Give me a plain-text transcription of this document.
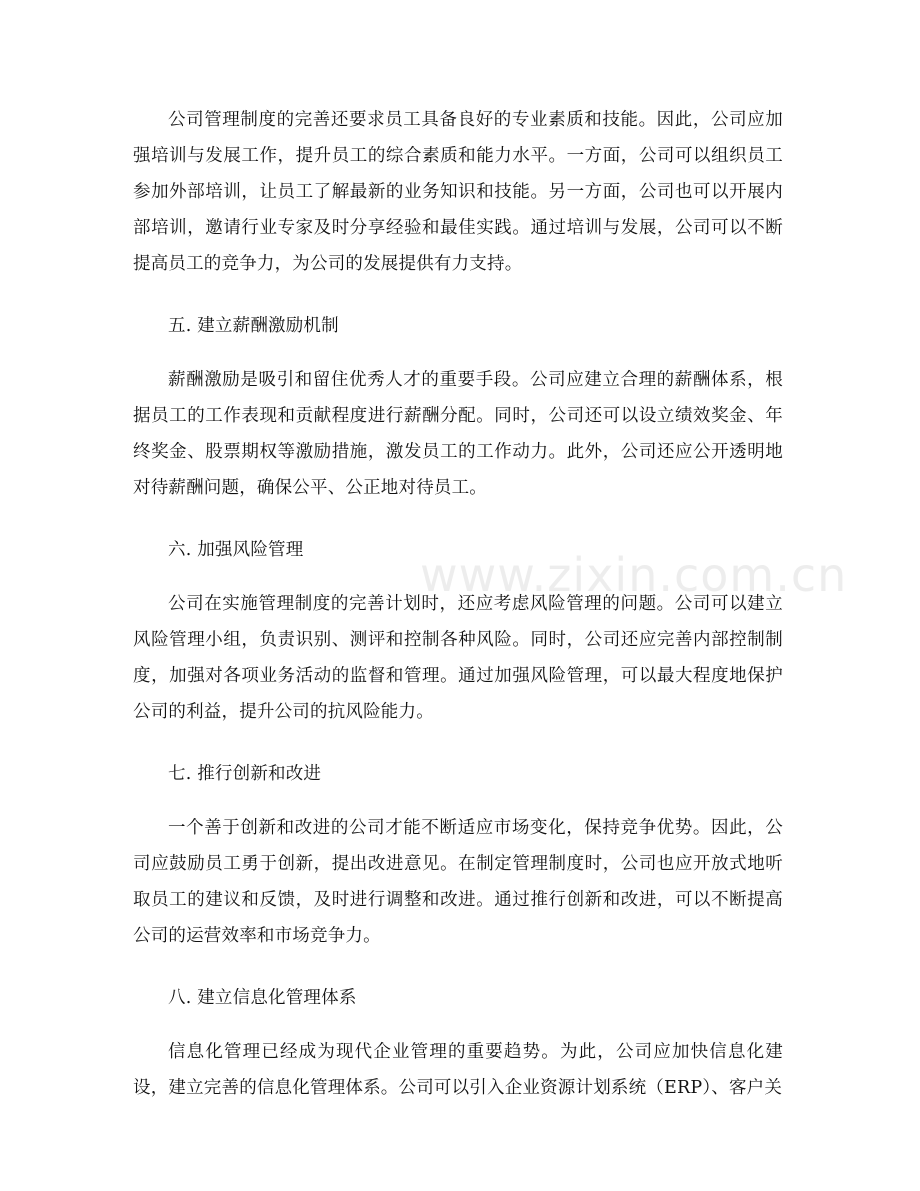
公司管理制度的完善还要求员工具备良好的专业素质和技能。因此，公司应加强培训与发展工作，提升员工的综合素质和能力水平。一方面，公司可以组织员工参加外部培训，让员工了解最新的业务知识和技能。另一方面，公司也可以开展内部培训，邀请行业专家及时分享经验和最佳实践。通过培训与发展，公司可以不断提高员工的竞争力，为公司的发展提供有力支持。

五. 建立薪酬激励机制

薪酬激励是吸引和留住优秀人才的重要手段。公司应建立合理的薪酬体系，根据员工的工作表现和贡献程度进行薪酬分配。同时，公司还可以设立绩效奖金、年终奖金、股票期权等激励措施，激发员工的工作动力。此外，公司还应公开透明地对待薪酬问题，确保公平、公正地对待员工。

六. 加强风险管理

公司在实施管理制度的完善计划时，还应考虑风险管理的问题。公司可以建立风险管理小组，负责识别、测评和控制各种风险。同时，公司还应完善内部控制制度，加强对各项业务活动的监督和管理。通过加强风险管理，可以最大程度地保护公司的利益，提升公司的抗风险能力。

七. 推行创新和改进

一个善于创新和改进的公司才能不断适应市场变化，保持竞争优势。因此，公司应鼓励员工勇于创新，提出改进意见。在制定管理制度时，公司也应开放式地听取员工的建议和反馈，及时进行调整和改进。通过推行创新和改进，可以不断提高公司的运营效率和市场竞争力。

八. 建立信息化管理体系

信息化管理已经成为现代企业管理的重要趋势。为此，公司应加快信息化建设，建立完善的信息化管理体系。公司可以引入企业资源计划系统（ERP）、客户关

www.zixin.com.cn
